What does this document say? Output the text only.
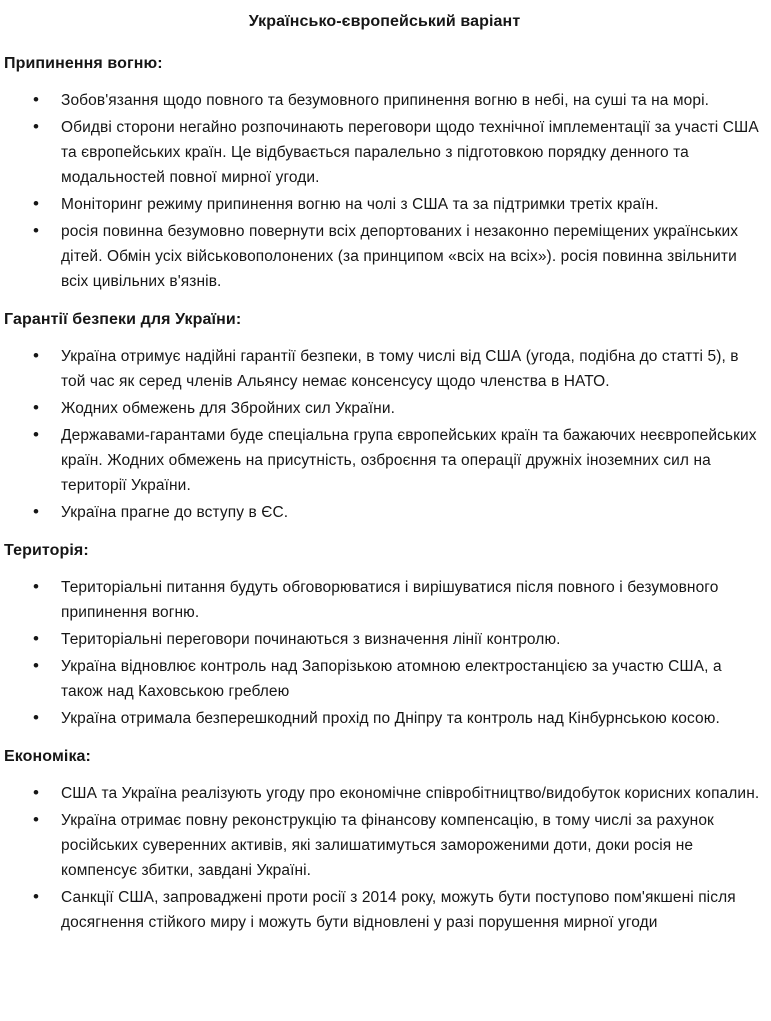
Українсько-європейський варіант
Припинення вогню:
• Зобов'язання щодо повного та безумовного припинення вогню в небі, на суші та на морі.
• Обидві сторони негайно розпочинають переговори щодо технічної імплементації за участі США та європейських країн. Це відбувається паралельно з підготовкою порядку денного та модальностей повної мирної угоди.
• Моніторинг режиму припинення вогню на чолі з США та за підтримки третіх країн.
• росія повинна безумовно повернути всіх депортованих і незаконно переміщених українських дітей. Обмін усіх військовополонених (за принципом «всіх на всіх»). росія повинна звільнити всіх цивільних в'язнів.
Гарантії безпеки для України:
• Україна отримує надійні гарантії безпеки, в тому числі від США (угода, подібна до статті 5), в той час як серед членів Альянсу немає консенсусу щодо членства в НАТО.
• Жодних обмежень для Збройних сил України.
• Державами-гарантами буде спеціальна група європейських країн та бажаючих неєвропейських країн. Жодних обмежень на присутність, озброєння та операції дружніх іноземних сил на території України.
• Україна прагне до вступу в ЄС.
Територія:
• Територіальні питання будуть обговорюватися і вирішуватися після повного і безумовного припинення вогню.
• Територіальні переговори починаються з визначення лінії контролю.
• Україна відновлює контроль над Запорізькою атомною електростанцією за участю США, а також над Каховською греблею
• Україна отримала безперешкодний прохід по Дніпру та контроль над Кінбурнською косою.
Економіка:
• США та Україна реалізують угоду про економічне співробітництво/видобуток корисних копалин.
• Україна отримає повну реконструкцію та фінансову компенсацію, в тому числі за рахунок російських суверенних активів, які залишатимуться замороженими доти, доки росія не компенсує збитки, завдані Україні.
• Санкції США, запроваджені проти росії з 2014 року, можуть бути поступово пом'якшені після досягнення стійкого миру і можуть бути відновлені у разі порушення мирної угоди
